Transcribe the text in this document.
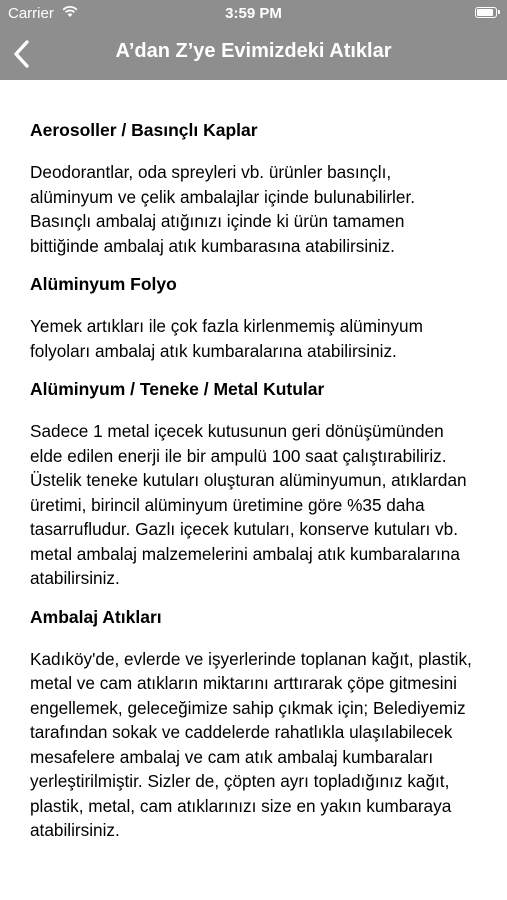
Carrier	3:59 PM
A’dan Z’ye Evimizdeki Atıklar
Aerosoller / Basınçlı Kaplar

Deodorantlar, oda spreyleri vb. ürünler basınçlı, alüminyum ve çelik ambalajlar içinde bulunabilirler. Basınçlı ambalaj atığınızı içinde ki ürün tamamen bittiğinde ambalaj atık kumbarasına atabilirsiniz.

Alüminyum Folyo

Yemek artıkları ile çok fazla kirlenmemiş alüminyum folyoları ambalaj atık kumbaralarına atabilirsiniz.

Alüminyum / Teneke / Metal Kutular

Sadece 1 metal içecek kutusunun geri dönüşümünden elde edilen enerji ile bir ampulü 100 saat çalıştırabiliriz. Üstelik teneke kutuları oluşturan alüminyumun, atıklardan üretimi, birincil alüminyum üretimine göre %35 daha tasarrufludur. Gazlı içecek kutuları, konserve kutuları vb. metal ambalaj malzemelerini ambalaj atık kumbaralarına atabilirsiniz.

Ambalaj Atıkları

Kadıköy'de, evlerde ve işyerlerinde toplanan kağıt, plastik, metal ve cam atıkların miktarını arttırarak çöpe gitmesini engellemek, geleceğimize sahip çıkmak için; Belediyemiz tarafından sokak ve caddelerde rahatlıkla ulaşılabilecek mesafelere ambalaj ve cam atık ambalaj kumbaraları yerleştirilmiştir. Sizler de, çöpten ayrı topladığınız kağıt, plastik, metal, cam atıklarınızı size en yakın kumbaraya atabilirsiniz.
